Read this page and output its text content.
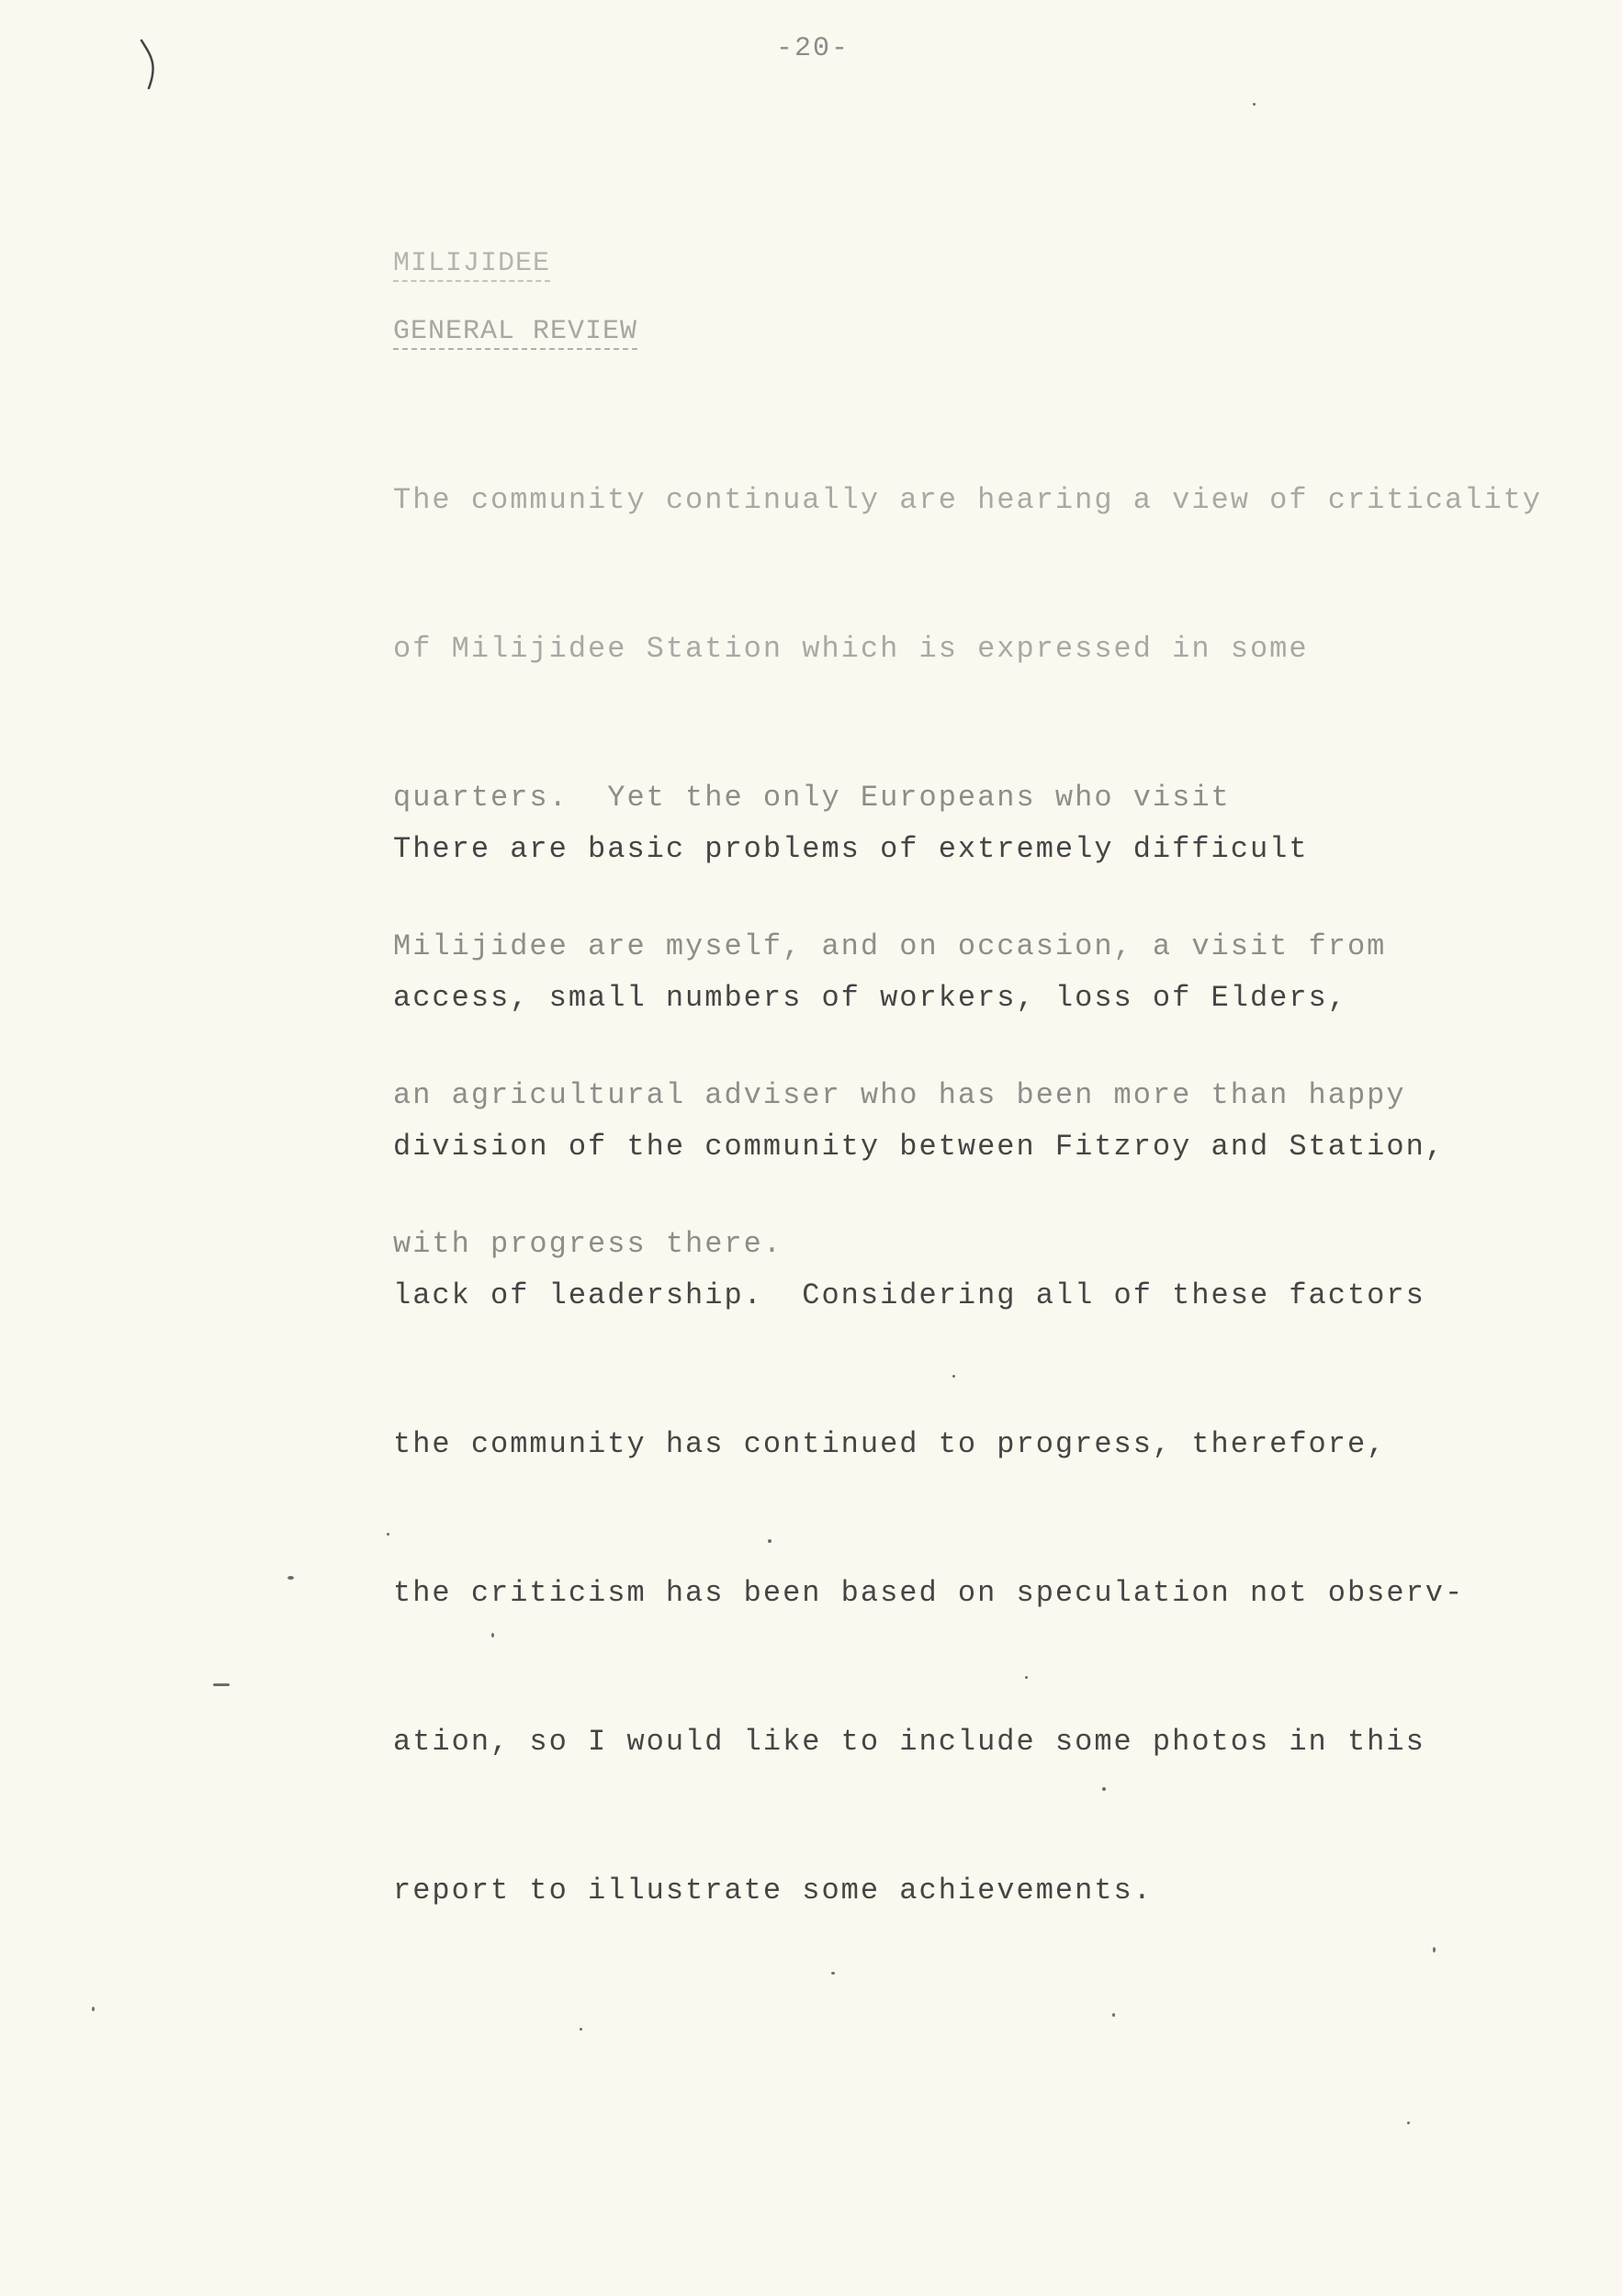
-20-
MILIJIDEE
GENERAL REVIEW

The community continually are hearing a view of criticality

of Milijidee Station which is expressed in some

quarters.  Yet the only Europeans who visit

Milijidee are myself, and on occasion, a visit from

an agricultural adviser who has been more than happy

with progress there.

There are basic problems of extremely difficult

access, small numbers of workers, loss of Elders,

division of the community between Fitzroy and Station,

lack of leadership.  Considering all of these factors

the community has continued to progress, therefore,

the criticism has been based on speculation not observ-

ation, so I would like to include some photos in this

report to illustrate some achievements.
